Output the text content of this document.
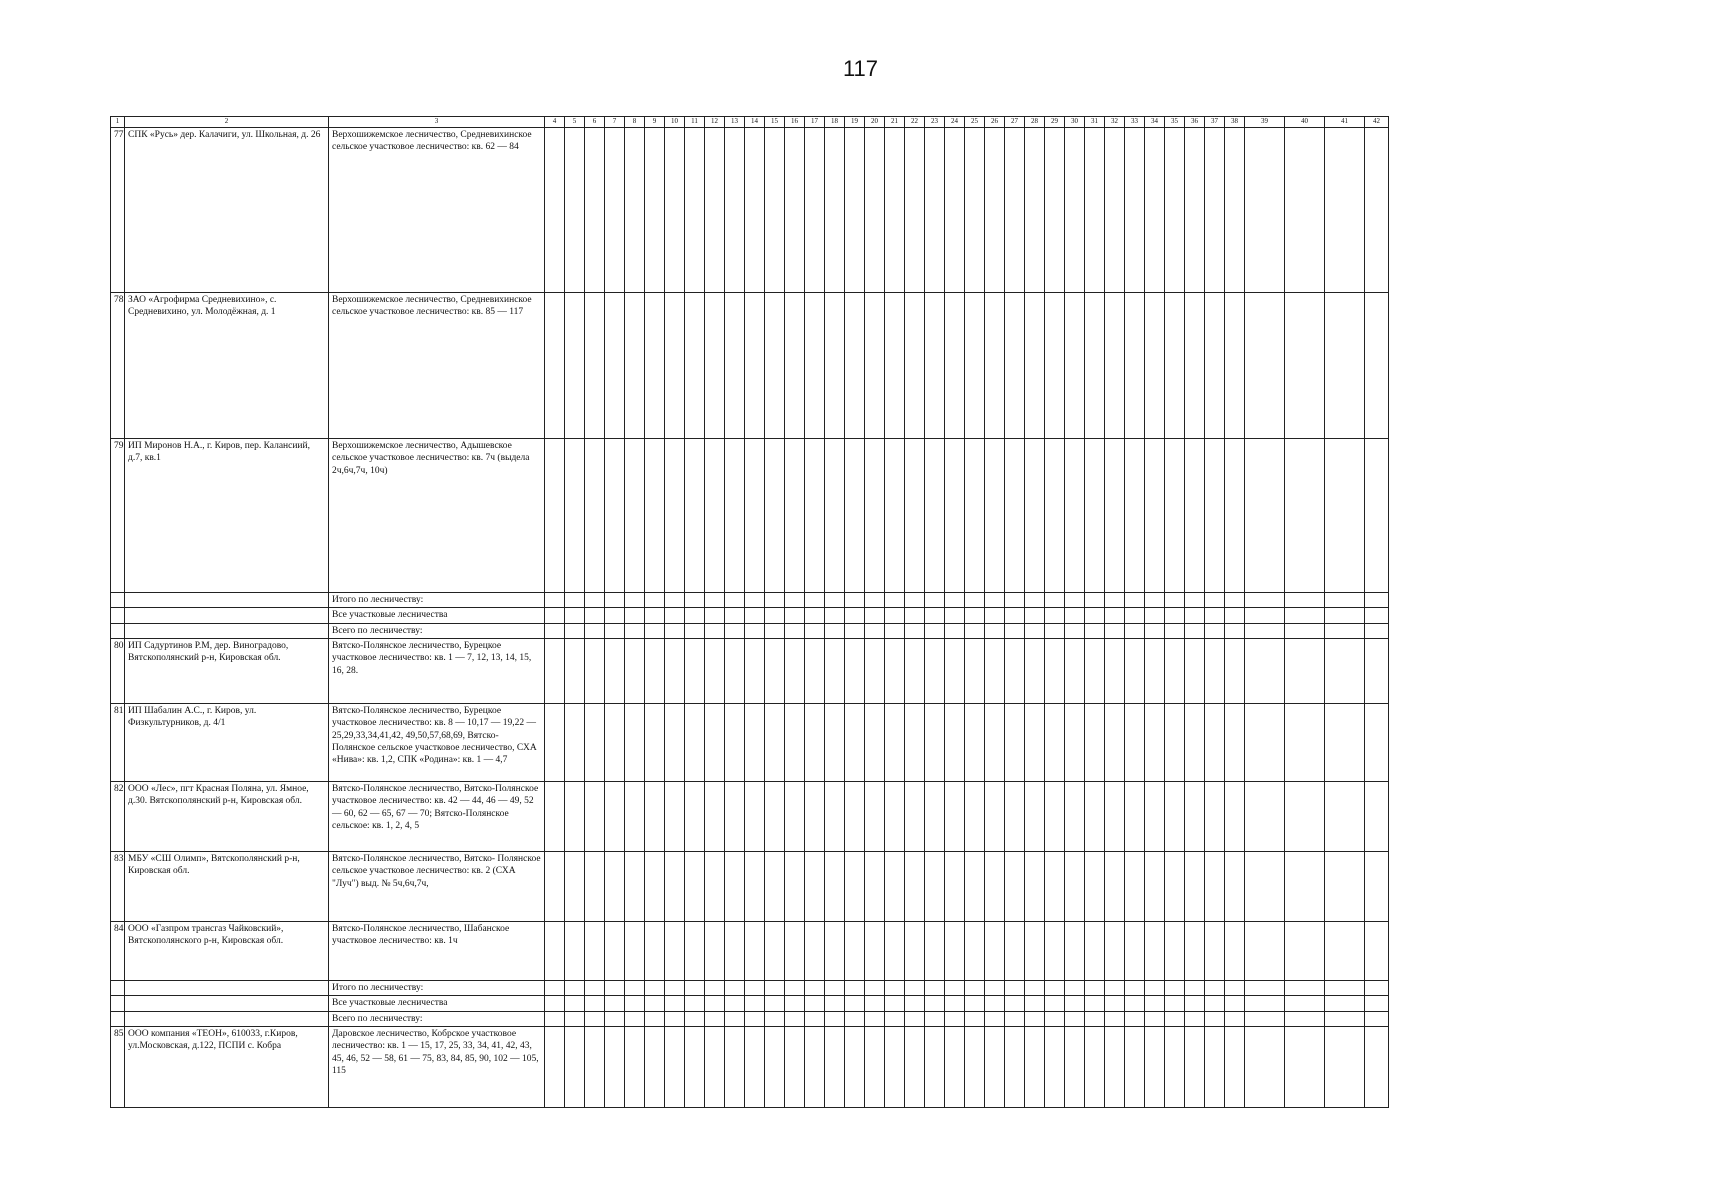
117
1	2	3	4	5	6	7	8	9	10	11	12	13	14	15	16	17	18	19	20	21	22	23	24	25	26	27	28	29	30	31	32	33	34	35	36	37	38	39	40	41	42
77	СПК «Русь» дер. Калачиги, ул. Школьная, д. 26	Верхошижемское лесничество, Средневихинское сельское участковое лесничество: кв. 62 — 84																																							
78	ЗАО «Агрофирма Средневихино», с. Средневихино, ул. Молодёжная, д. 1	Верхошижемское лесничество, Средневихинское сельское участковое лесничество: кв. 85 — 117																																							
79	ИП Миронов Н.А., г. Киров, пер. Калансиий, д.7, кв.1	Верхошижемское лесничество, Адышевское сельское участковое лесничество: кв. 7ч (выдела 2ч,6ч,7ч, 10ч)																																							
		Итого по лесничеству:																																							
		Все участковые лесничества																																							
		Всего по лесничеству:																																							
80	ИП Садуртинов Р.М, дер. Виноградово, Вятскополянский р-н, Кировская обл.	Вятско-Полянское лесничество, Бурецкое участковое лесничество: кв. 1 — 7, 12, 13, 14, 15, 16, 28.																																							
81	ИП Шабалин А.С., г. Киров, ул. Физкультурников, д. 4/1	Вятско-Полянское лесничество, Бурецкое участковое лесничество: кв. 8 — 10,17 — 19,22 — 25,29,33,34,41,42, 49,50,57,68,69, Вятско-Полянское сельское участковое лесничество, СХА «Нива»: кв. 1,2, СПК «Родина»: кв. 1 — 4,7																																							
82	ООО «Лес», пгт Красная Поляна, ул. Ямное, д.30. Вятскополянский р-н, Кировская обл.	Вятско-Полянское лесничество, Вятско-Полянское участковое лесничество: кв. 42 — 44, 46 — 49, 52 — 60, 62 — 65, 67 — 70; Вятско-Полянское сельское: кв. 1, 2, 4, 5																																							
83	МБУ «СШ Олимп», Вятскополянский р-н, Кировская обл.	Вятско-Полянское лесничество, Вятско- Полянское сельское участковое лесничество: кв. 2 (СХА "Луч") выд. № 5ч,6ч,7ч,																																							
84	ООО «Газпром трансгаз Чайковский», Вятскополянского р-н, Кировская обл.	Вятско-Полянское лесничество, Шабанское участковое лесничество: кв. 1ч																																							
		Итого по лесничеству:																																							
		Все участковые лесничества																																							
		Всего по лесничеству:																																							
85	ООО компания «ТЕОН», 610033, г.Киров, ул.Московская, д.122, ПСПИ с. Кобра	Даровское лесничество, Кобрское участковое лесничество: кв. 1 — 15, 17, 25, 33, 34, 41, 42, 43, 45, 46, 52 — 58, 61 — 75, 83, 84, 85, 90, 102 — 105, 115																																							
